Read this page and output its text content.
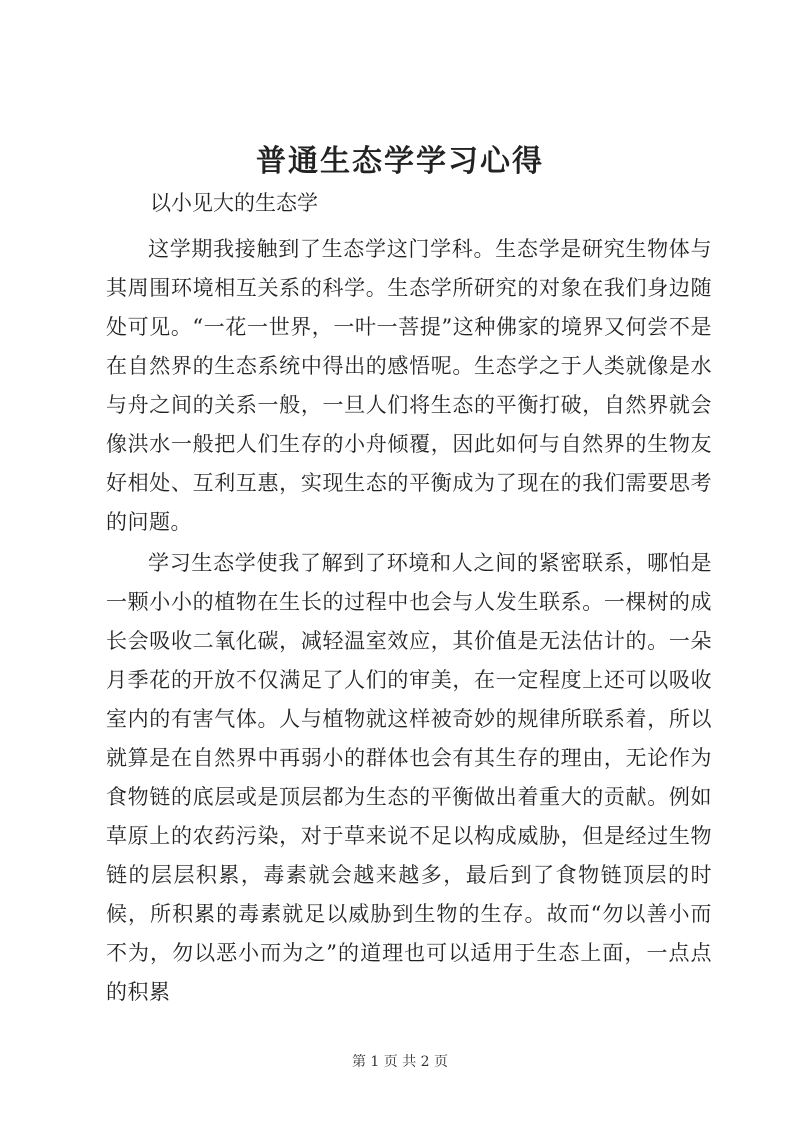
普通生态学学习心得

以小见大的生态学

这学期我接触到了生态学这门学科。生态学是研究生物体与其周围环境相互关系的科学。生态学所研究的对象在我们身边随处可见。“一花一世界，一叶一菩提”这种佛家的境界又何尝不是在自然界的生态系统中得出的感悟呢。生态学之于人类就像是水与舟之间的关系一般，一旦人们将生态的平衡打破，自然界就会像洪水一般把人们生存的小舟倾覆，因此如何与自然界的生物友好相处、互利互惠，实现生态的平衡成为了现在的我们需要思考的问题。

学习生态学使我了解到了环境和人之间的紧密联系，哪怕是一颗小小的植物在生长的过程中也会与人发生联系。一棵树的成长会吸收二氧化碳，减轻温室效应，其价值是无法估计的。一朵月季花的开放不仅满足了人们的审美，在一定程度上还可以吸收室内的有害气体。人与植物就这样被奇妙的规律所联系着，所以就算是在自然界中再弱小的群体也会有其生存的理由，无论作为食物链的底层或是顶层都为生态的平衡做出着重大的贡献。例如草原上的农药污染，对于草来说不足以构成威胁，但是经过生物链的层层积累，毒素就会越来越多，最后到了食物链顶层的时候，所积累的毒素就足以威胁到生物的生存。故而“勿以善小而不为，勿以恶小而为之”的道理也可以适用于生态上面，一点点的积累

第 1 页 共 2 页
